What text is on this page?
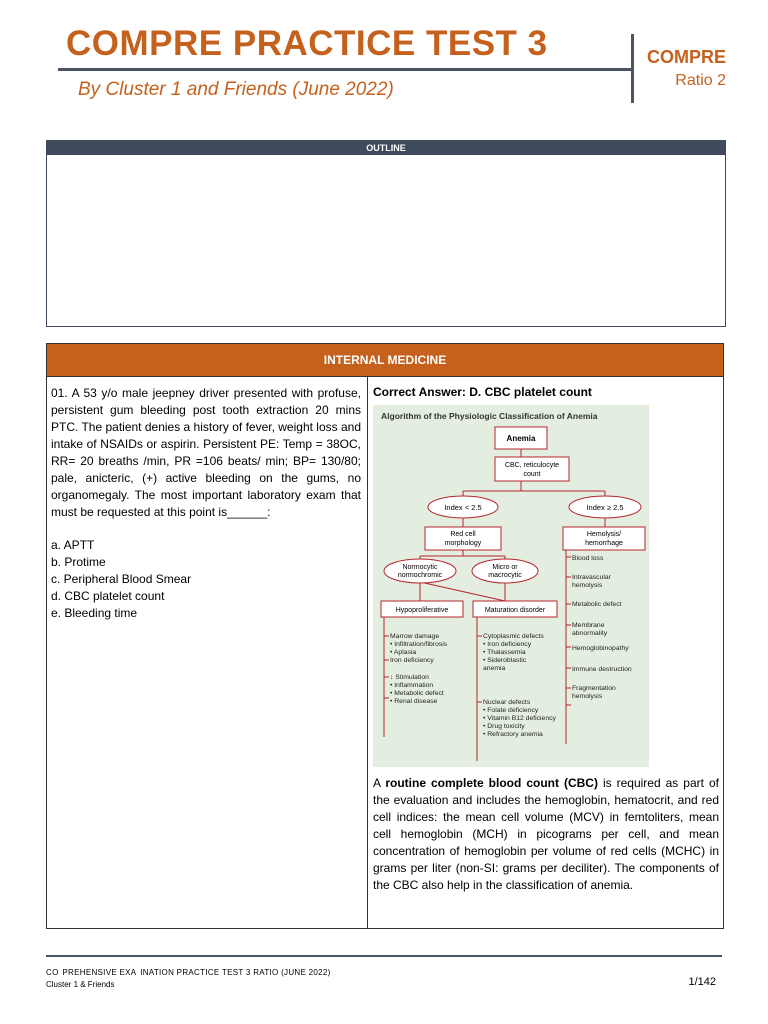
COMPRE PRACTICE TEST 3
By Cluster 1 and Friends (June 2022)
COMPRE
Ratio 2
OUTLINE
INTERNAL MEDICINE

01. A 53 y/o male jeepney driver presented with profuse, persistent gum bleeding post tooth extraction 20 mins PTC. The patient denies a history of fever, weight loss and intake of NSAIDs or aspirin. Persistent PE: Temp = 38OC, RR= 20 breaths /min, PR =106 beats/ min; BP= 130/80; pale, anicteric, (+) active bleeding on the gums, no organomegaly. The most important laboratory exam that must be requested at this point is______:

a. APTT
b. Protime
c. Peripheral Blood Smear
d. CBC platelet count
e. Bleeding time

Correct Answer: D. CBC platelet count

Algorithm of the Physiologic Classification of Anemia
Anemia
CBC, reticulocyte
count
Index < 2.5	Index ≥ 2.5
Red cell
morphology
Hemolysis/
hemorrhage
Normocytic
normochromic
Micro or
macrocytic
Hypoproliferative	Maturation disorder
Marrow damage
• Infiltration/fibrosis
• Aplasia
Iron deficiency
↓ Stimulation
• Inflammation
• Metabolic defect
• Renal disease
Cytoplasmic defects
• Iron deficiency
• Thalassemia
• Sideroblastic
anemia
Nuclear defects
• Folate deficiency
• Vitamin B12 deficiency
• Drug toxicity
• Refractory anemia
Blood loss
Intravascular
hemolysis
Metabolic defect
Membrane
abnormality
Hemoglobinopathy
Immune destruction
Fragmentation
hemolysis

A routine complete blood count (CBC) is required as part of the evaluation and includes the hemoglobin, hematocrit, and red cell indices: the mean cell volume (MCV) in femtoliters, mean cell hemoglobin (MCH) in picograms per cell, and mean concentration of hemoglobin per volume of red cells (MCHC) in grams per liter (non-SI: grams per deciliter). The components of the CBC also help in the classification of anemia.

CO  PREHENSIVE EXA  INATION PRACTICE TEST 3 RATIO (JUNE 2022)
Cluster 1 & Friends	1/142
